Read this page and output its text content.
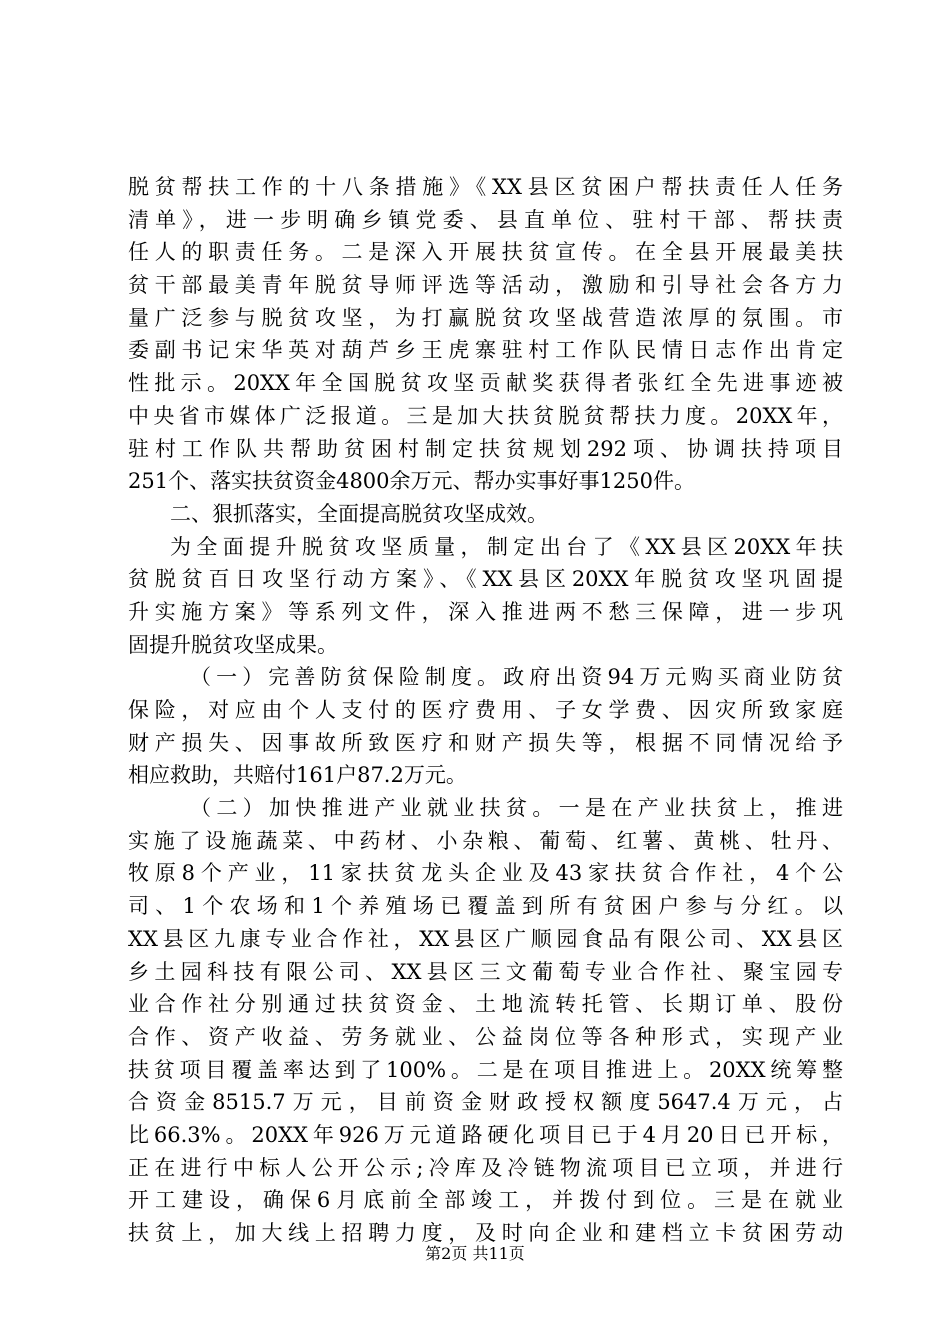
脱贫帮扶工作的十八条措施》《XX县区贫困户帮扶责任人任务
清单》，进一步明确乡镇党委、县直单位、驻村干部、帮扶责
任人的职责任务。二是深入开展扶贫宣传。在全县开展最美扶
贫干部最美青年脱贫导师评选等活动，激励和引导社会各方力
量广泛参与脱贫攻坚，为打赢脱贫攻坚战营造浓厚的氛围。市
委副书记宋华英对葫芦乡王虎寨驻村工作队民情日志作出肯定
性批示。20XX年全国脱贫攻坚贡献奖获得者张红全先进事迹被
中央省市媒体广泛报道。三是加大扶贫脱贫帮扶力度。20XX年，
驻村工作队共帮助贫困村制定扶贫规划292项、协调扶持项目
251个、落实扶贫资金4800余万元、帮办实事好事1250件。
二、狠抓落实，全面提高脱贫攻坚成效。
为全面提升脱贫攻坚质量，制定出台了《XX县区20XX年扶
贫脱贫百日攻坚行动方案》、《XX县区20XX年脱贫攻坚巩固提
升实施方案》等系列文件，深入推进两不愁三保障，进一步巩
固提升脱贫攻坚成果。
（一）完善防贫保险制度。政府出资94万元购买商业防贫
保险，对应由个人支付的医疗费用、子女学费、因灾所致家庭
财产损失、因事故所致医疗和财产损失等，根据不同情况给予
相应救助，共赔付161户87.2万元。
（二）加快推进产业就业扶贫。一是在产业扶贫上，推进
实施了设施蔬菜、中药材、小杂粮、葡萄、红薯、黄桃、牡丹、
牧原8个产业，11家扶贫龙头企业及43家扶贫合作社，4个公
司、1个农场和1个养殖场已覆盖到所有贫困户参与分红。以
XX县区九康专业合作社，XX县区广顺园食品有限公司、XX县区
乡土园科技有限公司、XX县区三文葡萄专业合作社、聚宝园专
业合作社分别通过扶贫资金、土地流转托管、长期订单、股份
合作、资产收益、劳务就业、公益岗位等各种形式，实现产业
扶贫项目覆盖率达到了100%。二是在项目推进上。20XX统筹整
合资金8515.7万元，目前资金财政授权额度5647.4万元，占
比66.3%。20XX年926万元道路硬化项目已于4月20日已开标，
正在进行中标人公开公示;冷库及冷链物流项目已立项，并进行
开工建设，确保6月底前全部竣工，并拨付到位。三是在就业
扶贫上，加大线上招聘力度，及时向企业和建档立卡贫困劳动
第2页 共11页
